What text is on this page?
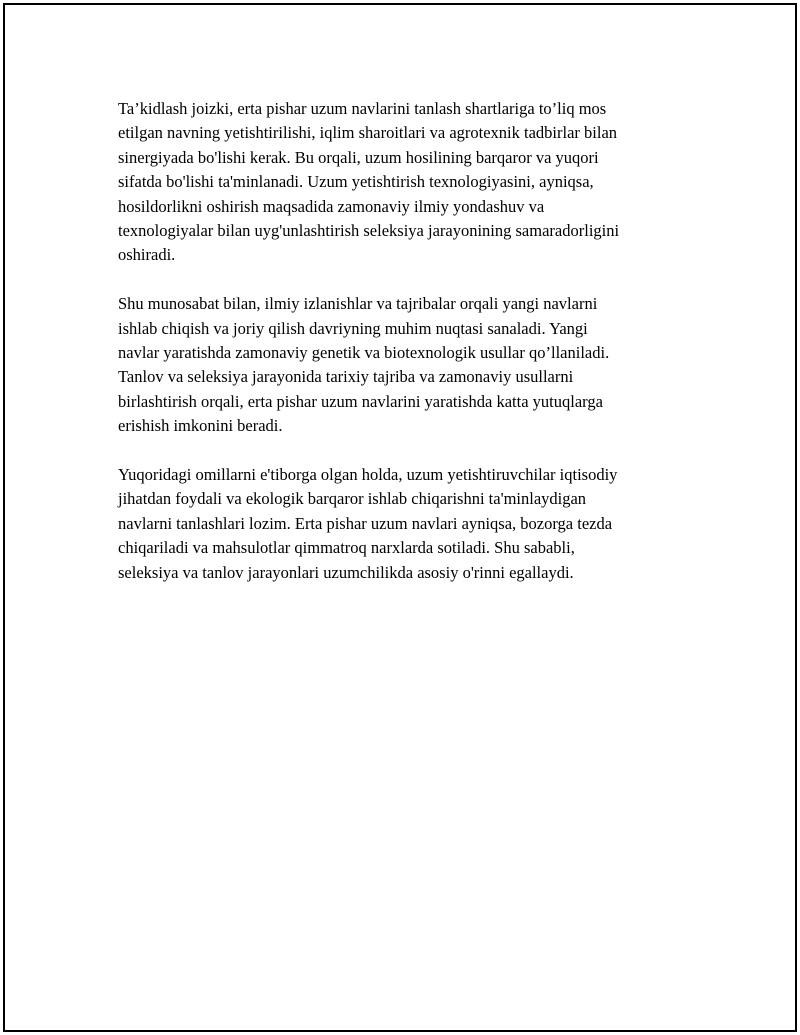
Ta’kidlash joizki, erta pishar uzum navlarini tanlash shartlariga to’liq mos
etilgan navning yetishtirilishi, iqlim sharoitlari va agrotexnik tadbirlar bilan
sinergiyada bo'lishi kerak. Bu orqali, uzum hosilining barqaror va yuqori
sifatda bo'lishi ta'minlanadi. Uzum yetishtirish texnologiyasini, ayniqsa,
hosildorlikni oshirish maqsadida zamonaviy ilmiy yondashuv va
texnologiyalar bilan uyg'unlashtirish seleksiya jarayonining samaradorligini
oshiradi.

Shu munosabat bilan, ilmiy izlanishlar va tajribalar orqali yangi navlarni
ishlab chiqish va joriy qilish davriyning muhim nuqtasi sanaladi. Yangi
navlar yaratishda zamonaviy genetik va biotexnologik usullar qo’llaniladi.
Tanlov va seleksiya jarayonida tarixiy tajriba va zamonaviy usullarni
birlashtirish orqali, erta pishar uzum navlarini yaratishda katta yutuqlarga
erishish imkonini beradi.

Yuqoridagi omillarni e'tiborga olgan holda, uzum yetishtiruvchilar iqtisodiy
jihatdan foydali va ekologik barqaror ishlab chiqarishni ta'minlaydigan
navlarni tanlashlari lozim. Erta pishar uzum navlari ayniqsa, bozorga tezda
chiqariladi va mahsulotlar qimmatroq narxlarda sotiladi. Shu sababli,
seleksiya va tanlov jarayonlari uzumchilikda asosiy o'rinni egallaydi.
